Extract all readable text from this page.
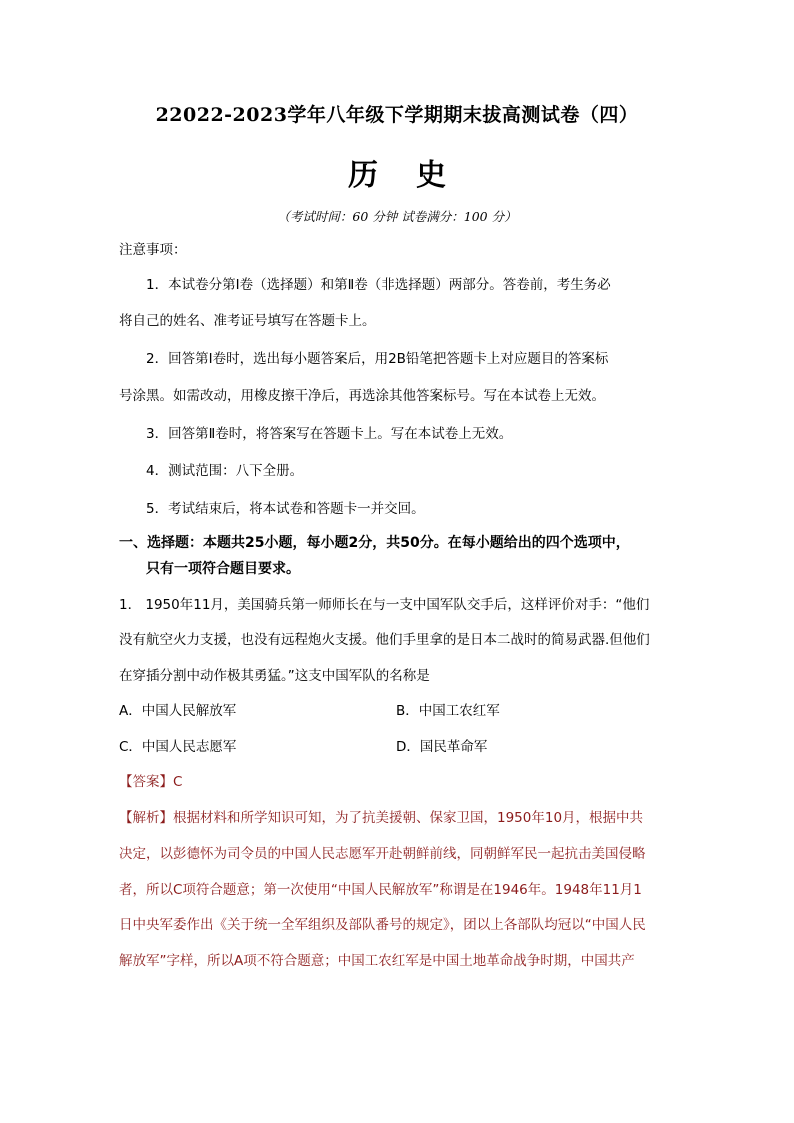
22022-2023学年八年级下学期期末拔高测试卷（四）
历史
（考试时间：60 分钟 试卷满分：100 分）
注意事项：
1．本试卷分第Ⅰ卷（选择题）和第Ⅱ卷（非选择题）两部分。答卷前，考生务必
将自己的姓名、准考证号填写在答题卡上。
2．回答第Ⅰ卷时，选出每小题答案后，用2B铅笔把答题卡上对应题目的答案标
号涂黑。如需改动，用橡皮擦干净后，再选涂其他答案标号。写在本试卷上无效。
3．回答第Ⅱ卷时，将答案写在答题卡上。写在本试卷上无效。
4．测试范围：八下全册。
5．考试结束后，将本试卷和答题卡一并交回。
一、选择题：本题共25小题，每小题2分，共50分。在每小题给出的四个选项中，
只有一项符合题目要求。
1． 1950年11月，美国骑兵第一师师长在与一支中国军队交手后，这样评价对手：“他们
没有航空火力支援，也没有远程炮火支援。他们手里拿的是日本二战时的简易武器.但他们
在穿插分割中动作极其勇猛。”这支中国军队的名称是
A．中国人民解放军	B．中国工农红军
C．中国人民志愿军	D．国民革命军
【答案】C
【解析】根据材料和所学知识可知，为了抗美援朝、保家卫国，1950年10月，根据中共
决定，以彭德怀为司令员的中国人民志愿军开赴朝鲜前线，同朝鲜军民一起抗击美国侵略
者，所以C项符合题意；第一次使用“中国人民解放军”称谓是在1946年。1948年11月1
日中央军委作出《关于统一全军组织及部队番号的规定》，团以上各部队均冠以“中国人民
解放军”字样，所以A项不符合题意；中国工农红军是中国土地革命战争时期，中国共产
